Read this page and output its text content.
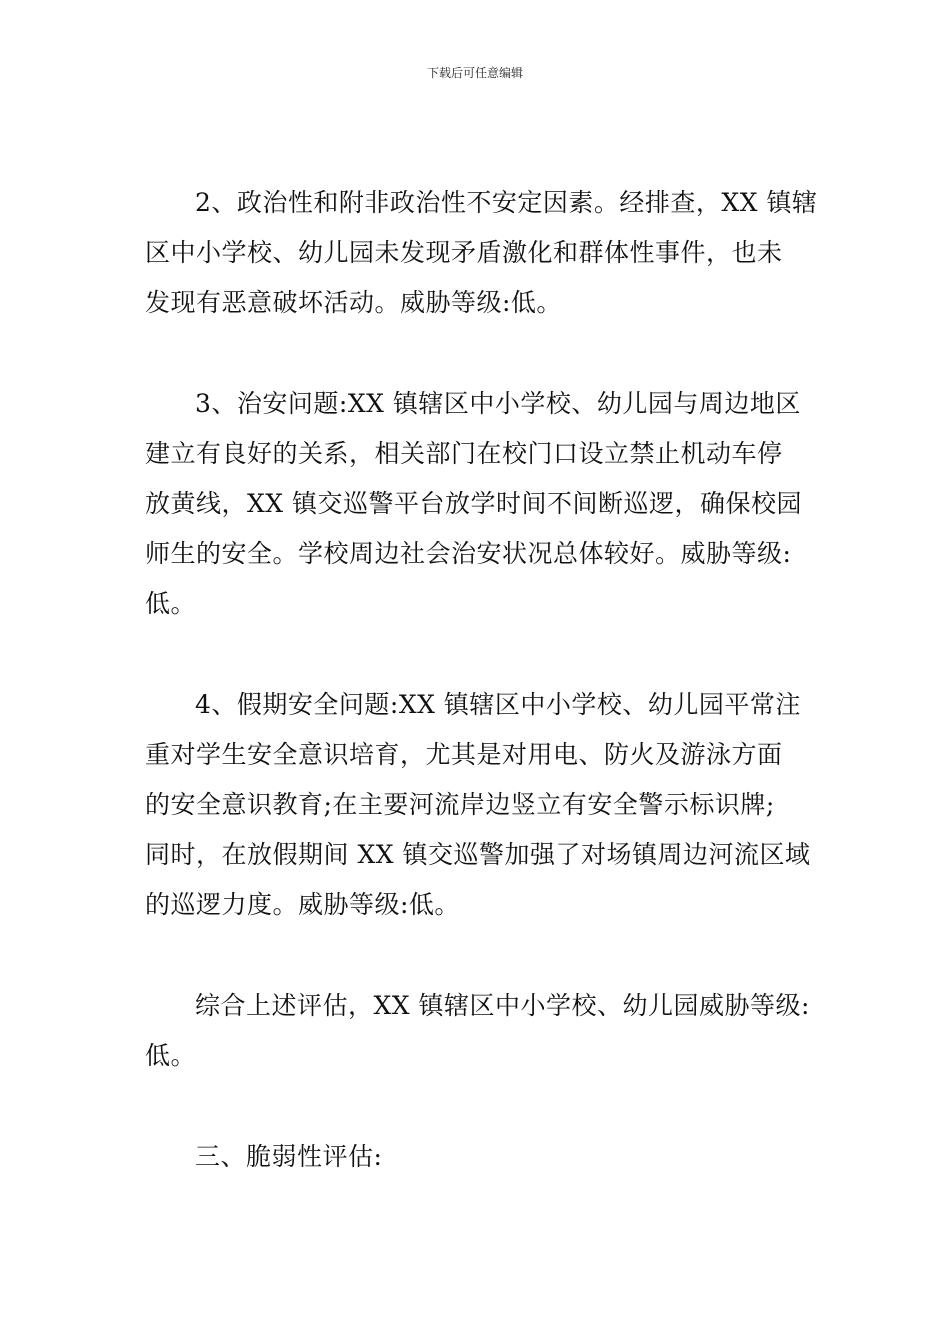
下载后可任意编辑
2、政治性和附非政治性不安定因素。经排查，XX 镇辖
区中小学校、幼儿园未发现矛盾激化和群体性事件，也未
发现有恶意破坏活动。威胁等级:低。
3、治安问题:XX 镇辖区中小学校、幼儿园与周边地区
建立有良好的关系，相关部门在校门口设立禁止机动车停
放黄线，XX 镇交巡警平台放学时间不间断巡逻，确保校园
师生的安全。学校周边社会治安状况总体较好。威胁等级:
低。
4、假期安全问题:XX 镇辖区中小学校、幼儿园平常注
重对学生安全意识培育，尤其是对用电、防火及游泳方面
的安全意识教育;在主要河流岸边竖立有安全警示标识牌;
同时，在放假期间 XX 镇交巡警加强了对场镇周边河流区域
的巡逻力度。威胁等级:低。
综合上述评估，XX 镇辖区中小学校、幼儿园威胁等级:
低。
三、脆弱性评估:
